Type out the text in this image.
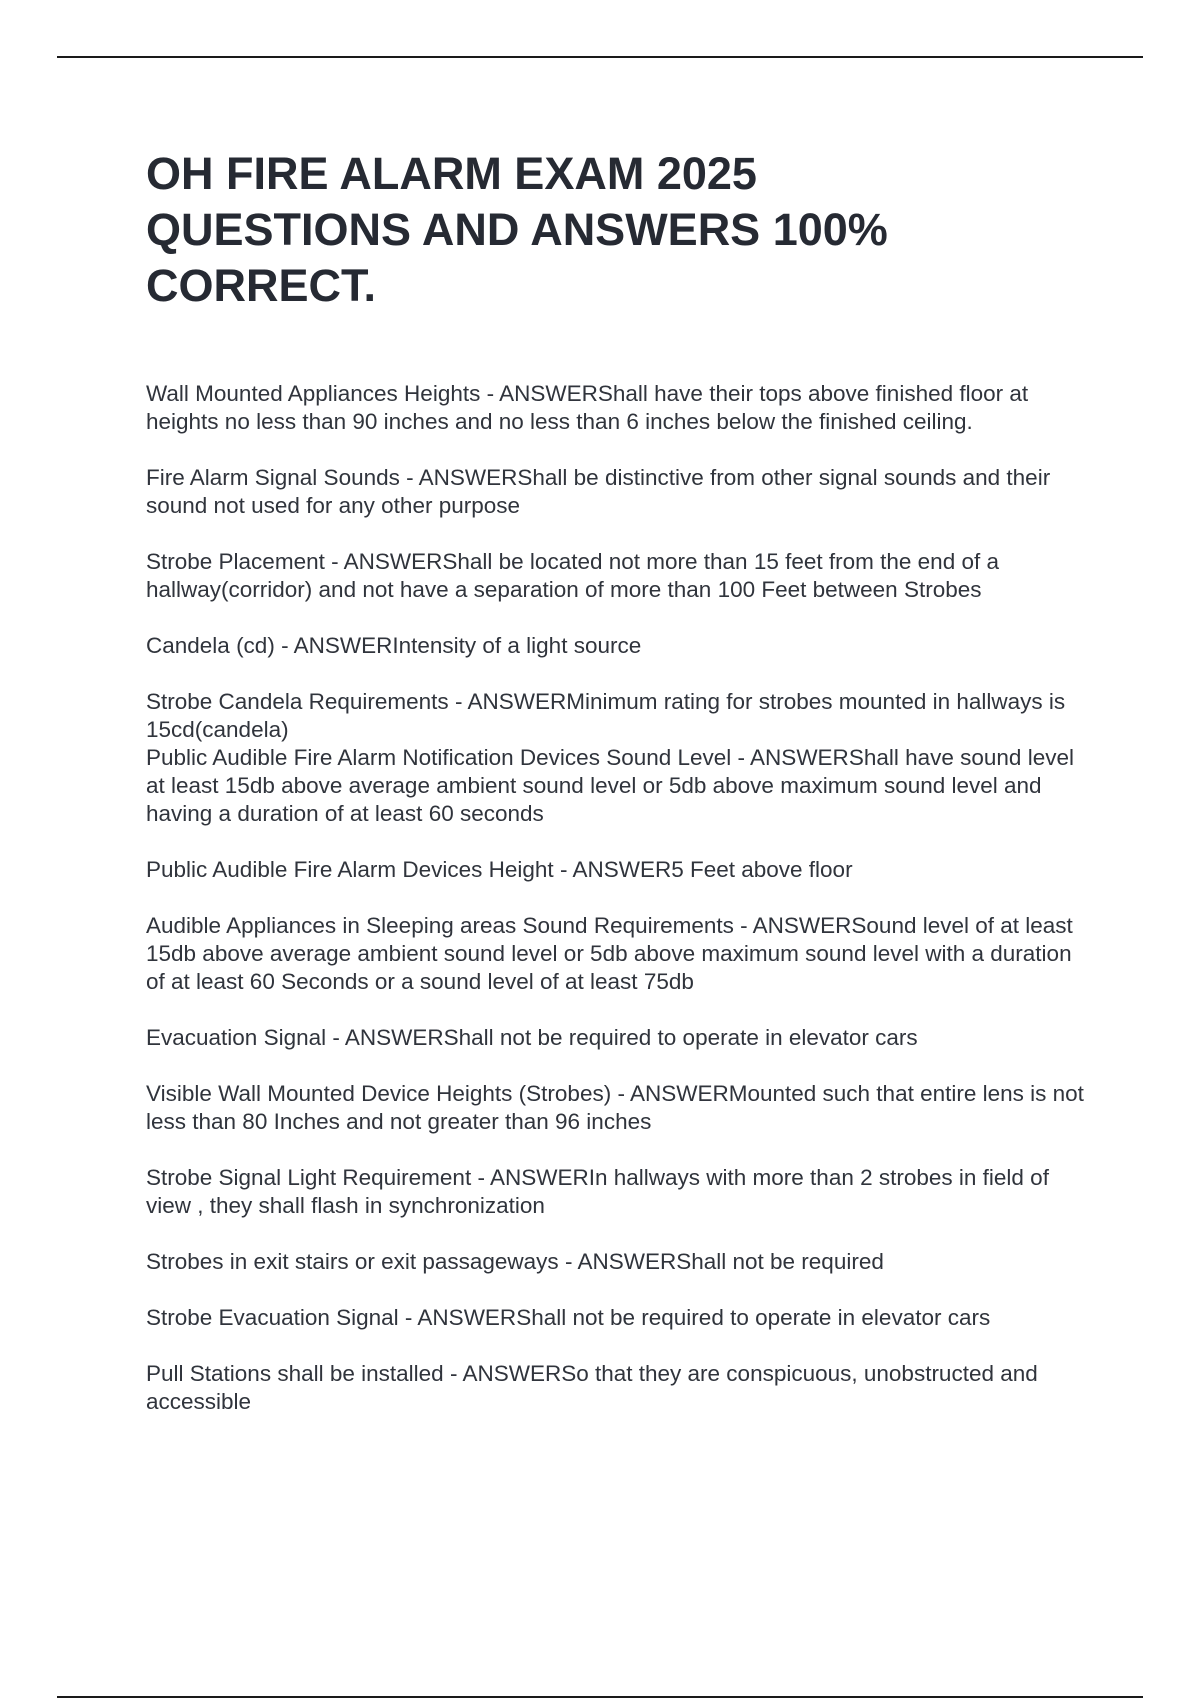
OH FIRE ALARM EXAM 2025
QUESTIONS AND ANSWERS 100%
CORRECT.

Wall Mounted Appliances Heights - ANSWERShall have their tops above finished floor at heights no less than 90 inches and no less than 6 inches below the finished ceiling.

Fire Alarm Signal Sounds - ANSWERShall be distinctive from other signal sounds and their sound not used for any other purpose

Strobe Placement - ANSWERShall be located not more than 15 feet from the end of a hallway(corridor) and not have a separation of more than 100 Feet between Strobes

Candela (cd) - ANSWERIntensity of a light source

Strobe Candela Requirements - ANSWERMinimum rating for strobes mounted in hallways is 15cd(candela)

Public Audible Fire Alarm Notification Devices Sound Level - ANSWERShall have sound level at least 15db above average ambient sound level or 5db above maximum sound level and having a duration of at least 60 seconds

Public Audible Fire Alarm Devices Height - ANSWER5 Feet above floor

Audible Appliances in Sleeping areas Sound Requirements - ANSWERSound level of at least 15db above average ambient sound level or 5db above maximum sound level with a duration of at least 60 Seconds or a sound level of at least 75db

Evacuation Signal - ANSWERShall not be required to operate in elevator cars

Visible Wall Mounted Device Heights (Strobes) - ANSWERMounted such that entire lens is not less than 80 Inches and not greater than 96 inches

Strobe Signal Light Requirement - ANSWERIn hallways with more than 2 strobes in field of view , they shall flash in synchronization

Strobes in exit stairs or exit passageways - ANSWERShall not be required

Strobe Evacuation Signal - ANSWERShall not be required to operate in elevator cars

Pull Stations shall be installed - ANSWERSo that they are conspicuous, unobstructed and accessible
